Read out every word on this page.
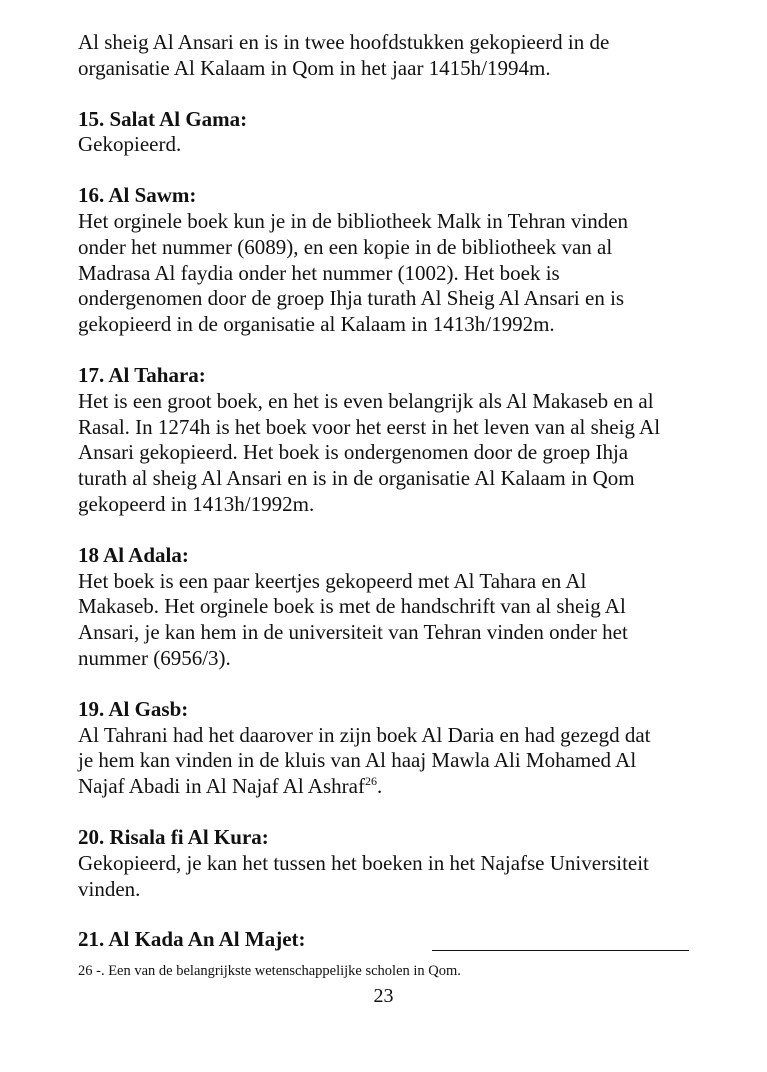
Al sheig Al Ansari en is in twee hoofdstukken gekopieerd in de

organisatie Al Kalaam in Qom in het jaar 1415h/1994m.

15. Salat Al Gama:

Gekopieerd.

16. Al Sawm:

Het orginele boek kun je in de bibliotheek Malk in Tehran vinden

onder het nummer (6089), en een kopie in de bibliotheek van al

Madrasa Al faydia onder het nummer (1002). Het boek is

ondergenomen door de groep Ihja turath Al Sheig Al Ansari en is

gekopieerd in de organisatie al Kalaam in 1413h/1992m.

17. Al Tahara:

Het is een groot boek, en het is even belangrijk als Al Makaseb en al

Rasal. In 1274h is het boek voor het eerst in het leven van al sheig Al

Ansari gekopieerd. Het boek is ondergenomen door de groep Ihja

turath al sheig Al Ansari en is in de organisatie Al Kalaam in Qom

gekopeerd in 1413h/1992m.

18 Al Adala:

Het boek is een paar keertjes gekopeerd met Al Tahara en Al

Makaseb. Het orginele boek is met de handschrift van al sheig Al

Ansari, je kan hem in de universiteit van Tehran vinden onder het

nummer (6956/3).

19. Al Gasb:

Al Tahrani had het daarover in zijn boek Al Daria en had gezegd dat

je hem kan vinden in de kluis van Al haaj Mawla Ali Mohamed Al

Najaf Abadi in Al Najaf Al Ashraf$^{26}$.

20. Risala fi Al Kura:

Gekopieerd, je kan het tussen het boeken in het Najafse Universiteit

vinden.

21. Al Kada An Al Majet:

26 -. Een van de belangrijkste wetenschappelijke scholen in Qom.
23
